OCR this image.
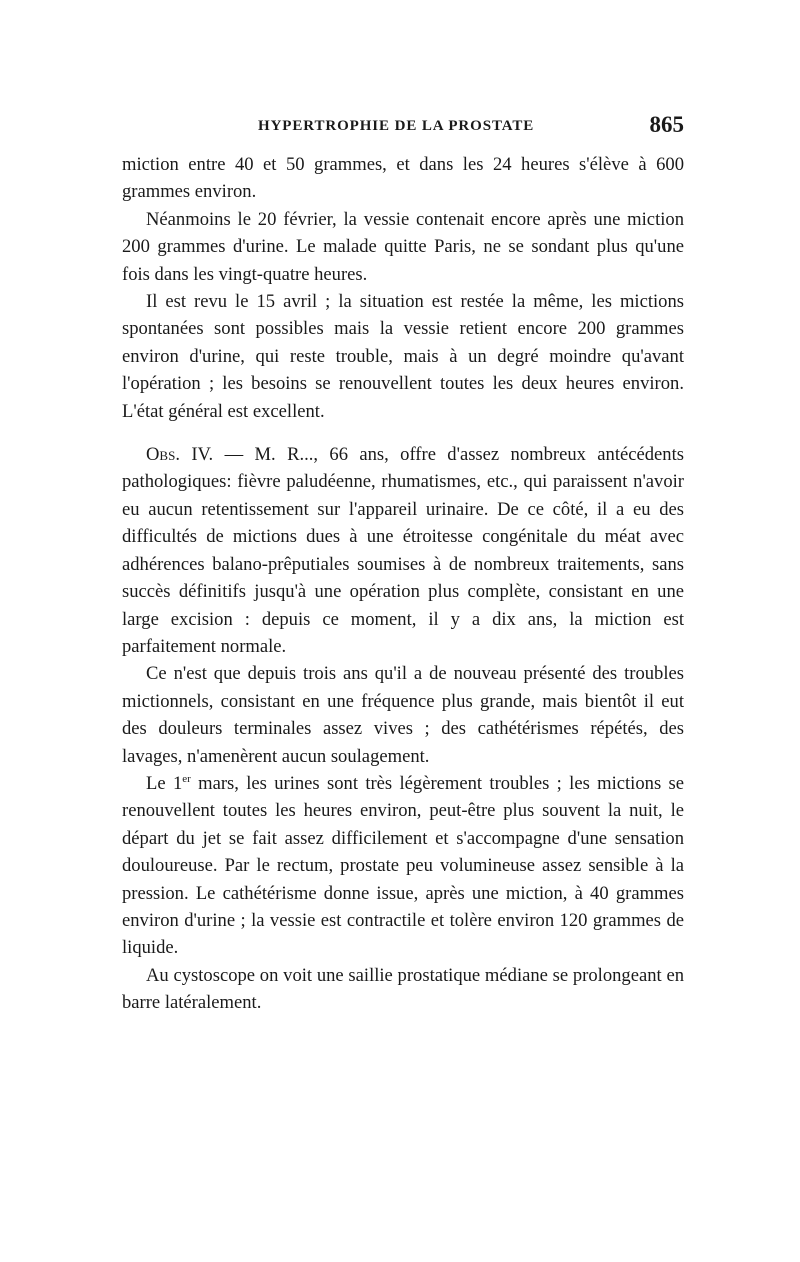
HYPERTROPHIE DE LA PROSTATE	865

miction entre 40 et 50 grammes, et dans les 24 heures s'élève à 600 grammes environ.

Néanmoins le 20 février, la vessie contenait encore après une miction 200 grammes d'urine. Le malade quitte Paris, ne se sondant plus qu'une fois dans les vingt-quatre heures.

Il est revu le 15 avril ; la situation est restée la même, les mictions spontanées sont possibles mais la vessie retient encore 200 grammes environ d'urine, qui reste trouble, mais à un degré moindre qu'avant l'opération ; les besoins se renouvellent toutes les deux heures environ. L'état général est excellent.

Obs. IV. — M. R..., 66 ans, offre d'assez nombreux antécédents pathologiques: fièvre paludéenne, rhumatismes, etc., qui paraissent n'avoir eu aucun retentissement sur l'appareil urinaire. De ce côté, il a eu des difficultés de mictions dues à une étroitesse congénitale du méat avec adhérences balano-prêputiales soumises à de nombreux traitements, sans succès définitifs jusqu'à une opération plus complète, consistant en une large excision : depuis ce moment, il y a dix ans, la miction est parfaitement normale.

Ce n'est que depuis trois ans qu'il a de nouveau présenté des troubles mictionnels, consistant en une fréquence plus grande, mais bientôt il eut des douleurs terminales assez vives ; des cathétérismes répétés, des lavages, n'amenèrent aucun soulagement.

Le 1er mars, les urines sont très légèrement troubles ; les mictions se renouvellent toutes les heures environ, peut-être plus souvent la nuit, le départ du jet se fait assez difficilement et s'accompagne d'une sensation douloureuse. Par le rectum, prostate peu volumineuse assez sensible à la pression. Le cathétérisme donne issue, après une miction, à 40 grammes environ d'urine ; la vessie est contractile et tolère environ 120 grammes de liquide.

Au cystoscope on voit une saillie prostatique médiane se prolongeant en barre latéralement.
